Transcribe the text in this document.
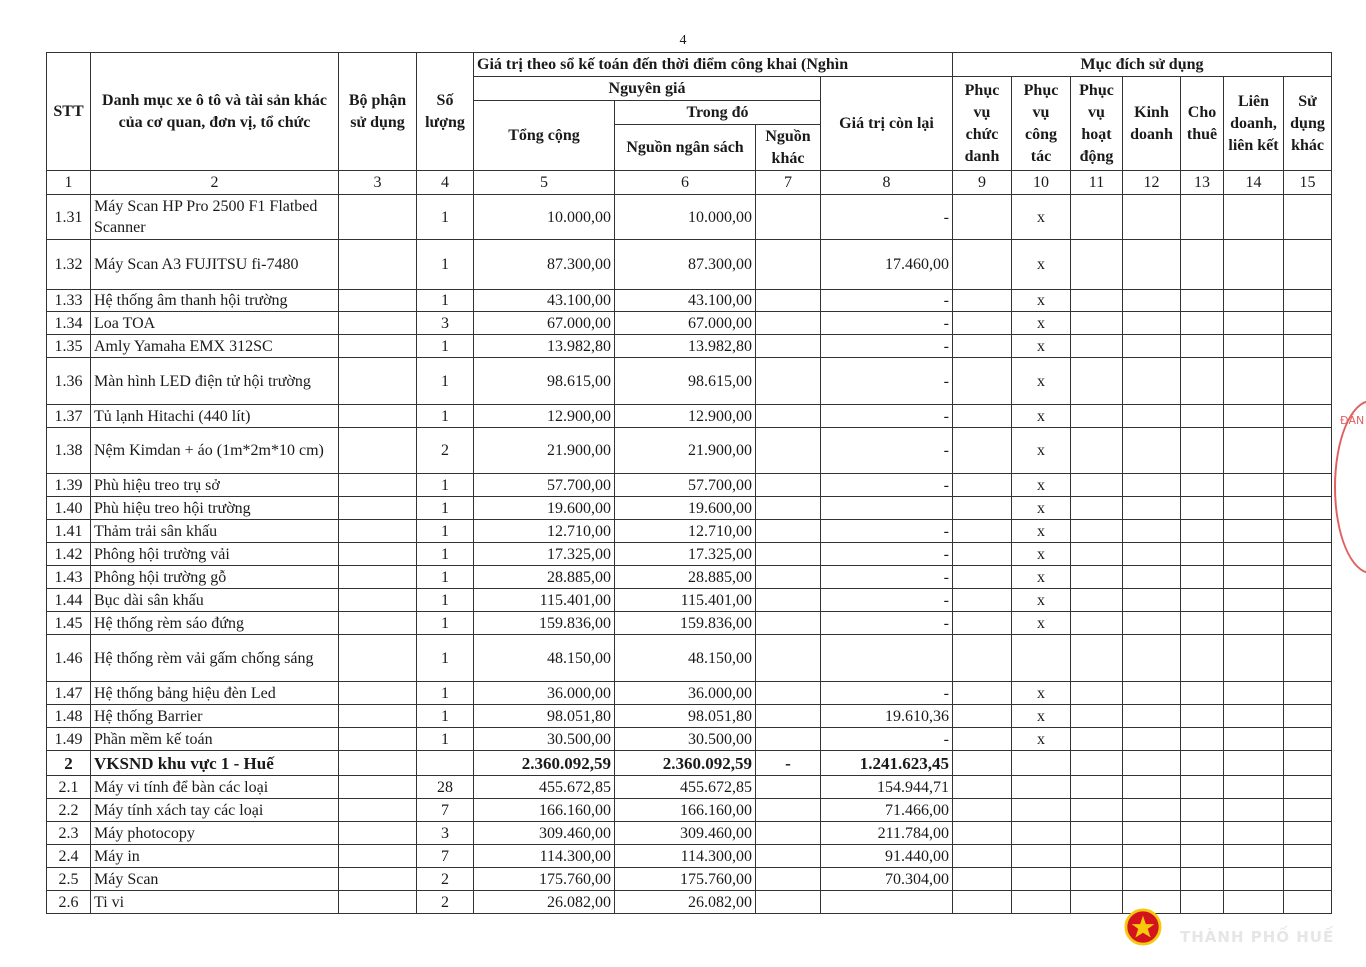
4
STT	Danh mục xe ô tô và tài sản khác của cơ quan, đơn vị, tổ chức	Bộ phận sử dụng	Số lượng	Giá trị theo sổ kế toán đến thời điểm công khai (Nghìn				Mục đích sử dụng						
				Nguyên giá			Giá trị còn lại	Phục vụ chức danh	Phục vụ công tác	Phục vụ hoạt động	Kinh doanh	Cho thuê	Liên doanh, liên kết	Sử dụng khác
				Tổng cộng	Trong đó									
					Nguồn ngân sách	Nguồn khác								
1	2	3	4	5	6	7	8	9	10	11	12	13	14	15
1.31	Máy Scan HP Pro 2500 F1 Flatbed Scanner		1	10.000,00	10.000,00		-		x					
1.32	Máy Scan A3 FUJITSU fi-7480		1	87.300,00	87.300,00		17.460,00		x					
1.33	Hệ thống âm thanh hội trường		1	43.100,00	43.100,00		-		x					
1.34	Loa TOA		3	67.000,00	67.000,00		-		x					
1.35	Amly Yamaha EMX 312SC		1	13.982,80	13.982,80		-		x					
1.36	Màn hình LED điện tử hội trường		1	98.615,00	98.615,00		-		x					
1.37	Tủ lạnh Hitachi (440 lít)		1	12.900,00	12.900,00		-		x					
1.38	Nệm Kimdan + áo (1m*2m*10 cm)		2	21.900,00	21.900,00		-		x					
1.39	Phù hiệu treo trụ sở		1	57.700,00	57.700,00		-		x					
1.40	Phù hiệu treo hội trường		1	19.600,00	19.600,00				x					
1.41	Thảm trải sân khấu		1	12.710,00	12.710,00		-		x					
1.42	Phông hội trường vải		1	17.325,00	17.325,00		-		x					
1.43	Phông hội trường gỗ		1	28.885,00	28.885,00		-		x					
1.44	Bục dài sân khấu		1	115.401,00	115.401,00		-		x					
1.45	Hệ thống rèm sáo đứng		1	159.836,00	159.836,00		-		x					
1.46	Hệ thống rèm vải gấm chống sáng		1	48.150,00	48.150,00									
1.47	Hệ thống bảng hiệu đèn Led		1	36.000,00	36.000,00		-		x					
1.48	Hệ thống Barrier		1	98.051,80	98.051,80		19.610,36		x					
1.49	Phần mềm kế toán		1	30.500,00	30.500,00		-		x					
2	VKSND khu vực 1 - Huế			2.360.092,59	2.360.092,59	-	1.241.623,45							
2.1	Máy vi tính để bàn các loại		28	455.672,85	455.672,85		154.944,71							
2.2	Máy tính xách tay các loại		7	166.160,00	166.160,00		71.466,00							
2.3	Máy photocopy		3	309.460,00	309.460,00		211.784,00							
2.4	Máy in		7	114.300,00	114.300,00		91.440,00							
2.5	Máy Scan		2	175.760,00	175.760,00		70.304,00							
2.6	Ti vi		2	26.082,00	26.082,00									
ĐẢN
THÀNH PHỐ HUẾ
